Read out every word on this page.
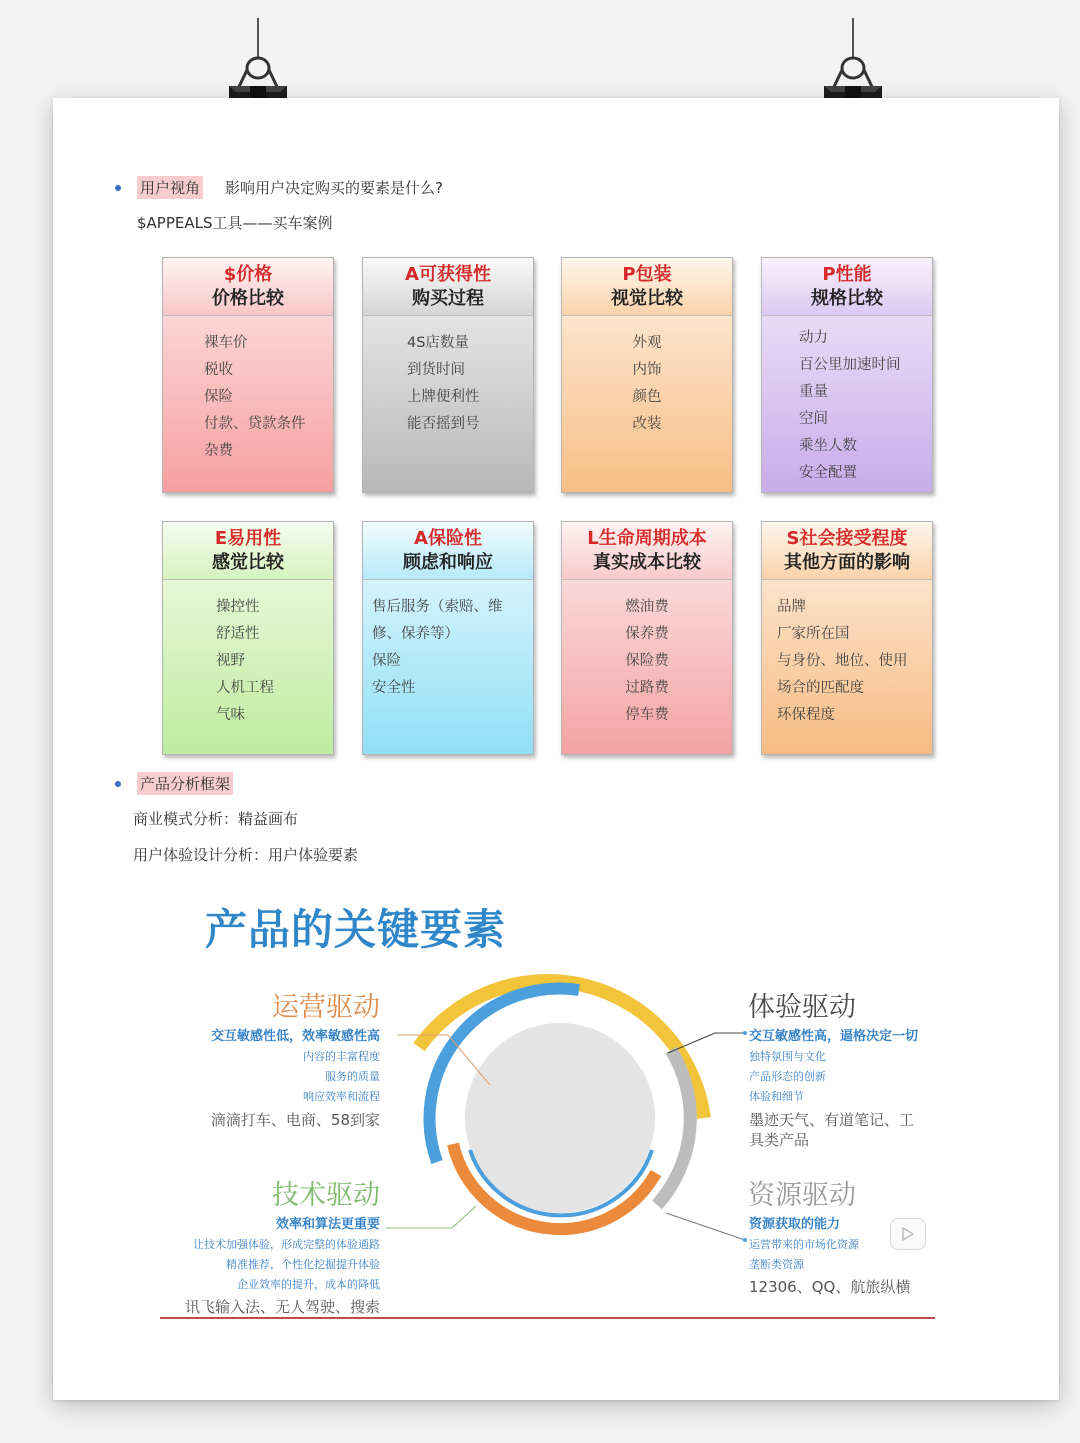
用户视角 影响用户决定购买的要素是什么?
$APPEALS工具——买车案例
$价格
价格比较
裸车价
税收
保险
付款、贷款条件
杂费
A可获得性
购买过程
4S店数量
到货时间
上牌便利性
能否摇到号
P包装
视觉比较
外观
内饰
颜色
改装
P性能
规格比较
动力
百公里加速时间
重量
空间
乘坐人数
安全配置
E易用性
感觉比较
操控性
舒适性
视野
人机工程
气味
A保险性
顾虑和响应
售后服务（索赔、维
修、保养等）
保险
安全性
L生命周期成本
真实成本比较
燃油费
保养费
保险费
过路费
停车费
S社会接受程度
其他方面的影响
品牌
厂家所在国
与身份、地位、使用
场合的匹配度
环保程度
产品分析框架
商业模式分析：精益画布
用户体验设计分析：用户体验要素
产品的关键要素
运营驱动
交互敏感性低，效率敏感性高
内容的丰富程度
服务的质量
响应效率和流程
滴滴打车、电商、58到家
技术驱动
效率和算法更重要
让技术加强体验，形成完整的体验通路
精准推荐，个性化挖掘提升体验
企业效率的提升，成本的降低
讯飞输入法、无人驾驶、搜索
体验驱动
交互敏感性高，逼格决定一切
独特氛围与文化
产品形态的创新
体验和细节
墨迹天气、有道笔记、工
具类产品
资源驱动
资源获取的能力
运营带来的市场化资源
垄断类资源
12306、QQ、航旅纵横
